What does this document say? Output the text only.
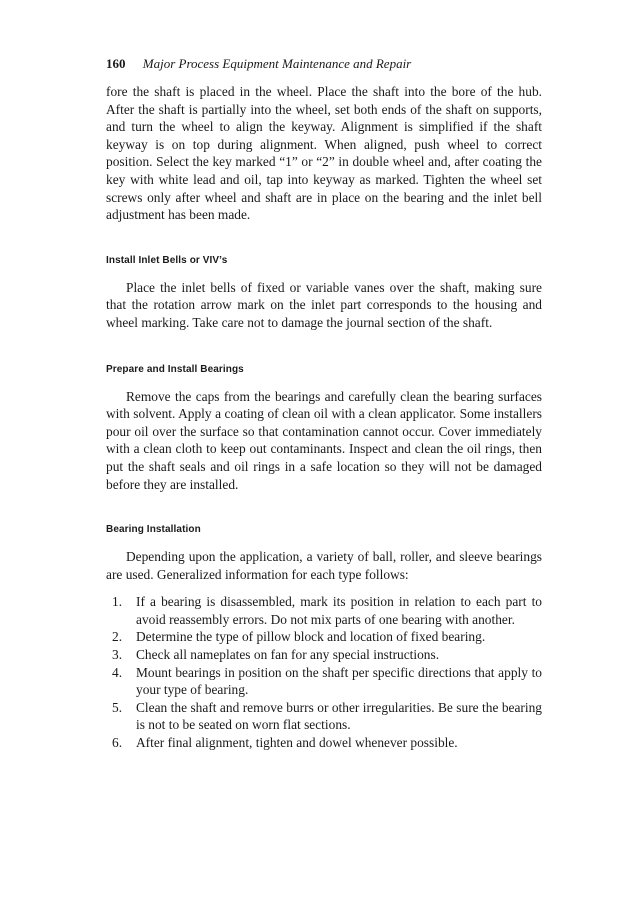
160 Major Process Equipment Maintenance and Repair

fore the shaft is placed in the wheel. Place the shaft into the bore of the hub. After the shaft is partially into the wheel, set both ends of the shaft on supports, and turn the wheel to align the keyway. Alignment is simplified if the shaft keyway is on top during alignment. When aligned, push wheel to correct position. Select the key marked “1” or “2” in double wheel and, after coating the key with white lead and oil, tap into keyway as marked. Tighten the wheel set screws only after wheel and shaft are in place on the bearing and the inlet bell adjustment has been made.

Install Inlet Bells or VIV’s

Place the inlet bells of fixed or variable vanes over the shaft, making sure that the rotation arrow mark on the inlet part corresponds to the housing and wheel marking. Take care not to damage the journal section of the shaft.

Prepare and Install Bearings

Remove the caps from the bearings and carefully clean the bearing surfaces with solvent. Apply a coating of clean oil with a clean applicator. Some installers pour oil over the surface so that contamination cannot occur. Cover immediately with a clean cloth to keep out contaminants. Inspect and clean the oil rings, then put the shaft seals and oil rings in a safe location so they will not be damaged before they are installed.

Bearing Installation

Depending upon the application, a variety of ball, roller, and sleeve bearings are used. Generalized information for each type follows:

1.	If a bearing is disassembled, mark its position in relation to each part to avoid reassembly errors. Do not mix parts of one bearing with another.
2.	Determine the type of pillow block and location of fixed bearing.
3.	Check all nameplates on fan for any special instructions.
4.	Mount bearings in position on the shaft per specific directions that apply to your type of bearing.
5.	Clean the shaft and remove burrs or other irregularities. Be sure the bearing is not to be seated on worn flat sections.
6.	After final alignment, tighten and dowel whenever possible.
